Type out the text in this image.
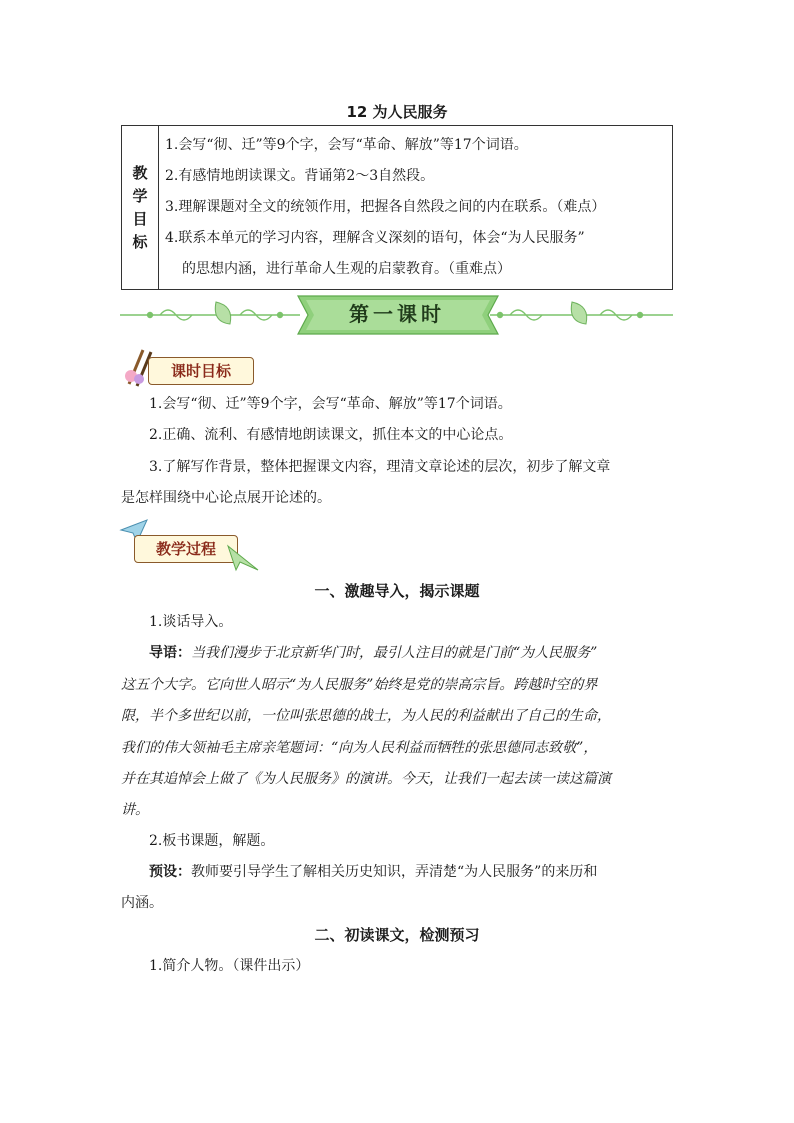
12 为人民服务
教
学
目
标

1.会写“彻、迁”等9个字，会写“革命、解放”等17个词语。
2.有感情地朗读课文。背诵第2～3自然段。
3.理解课题对全文的统领作用，把握各自然段之间的内在联系。（难点）
4.联系本单元的学习内容，理解含义深刻的语句，体会“为人民服务”
的思想内涵，进行革命人生观的启蒙教育。（重难点）
第一课时
课时目标
1.会写“彻、迁”等9个字，会写“革命、解放”等17个词语。
2.正确、流利、有感情地朗读课文，抓住本文的中心论点。
3.了解写作背景，整体把握课文内容，理清文章论述的层次，初步了解文章
是怎样围绕中心论点展开论述的。
教学过程
一、激趣导入，揭示课题
1.谈话导入。
导语：当我们漫步于北京新华门时，最引人注目的就是门前“为人民服务”
这五个大字。它向世人昭示“为人民服务”始终是党的崇高宗旨。跨越时空的界
限，半个多世纪以前，一位叫张思德的战士，为人民的利益献出了自己的生命，
我们的伟大领袖毛主席亲笔题词：“向为人民利益而牺牲的张思德同志致敬”，
并在其追悼会上做了《为人民服务》的演讲。今天，让我们一起去读一读这篇演
讲。
2.板书课题，解题。
预设：教师要引导学生了解相关历史知识，弄清楚“为人民服务”的来历和
内涵。
二、初读课文，检测预习
1.简介人物。（课件出示）
